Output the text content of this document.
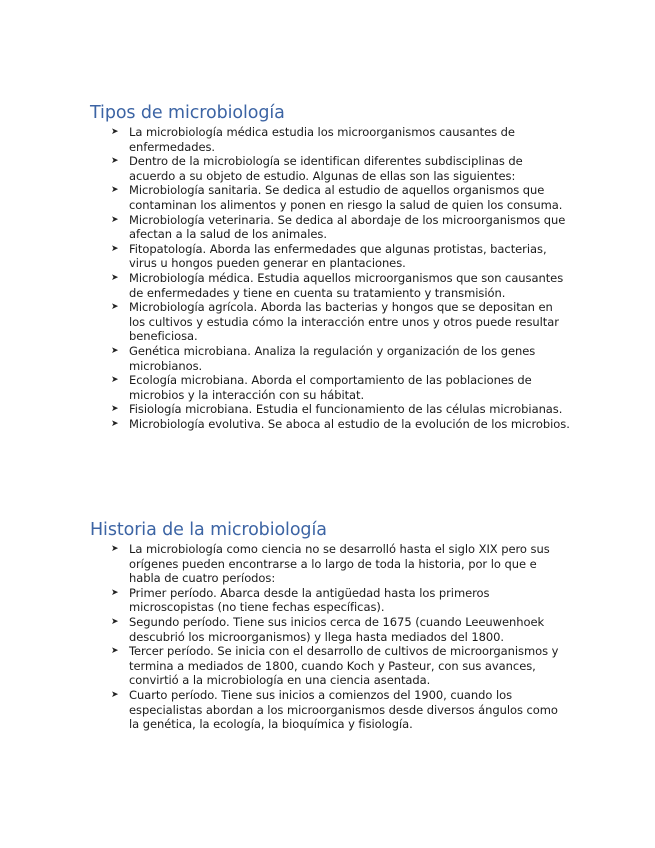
Tipos de microbiología
➤ La microbiología médica estudia los microorganismos causantes de enfermedades.
➤ Dentro de la microbiología se identifican diferentes subdisciplinas de acuerdo a su objeto de estudio. Algunas de ellas son las siguientes:
➤ Microbiología sanitaria. Se dedica al estudio de aquellos organismos que contaminan los alimentos y ponen en riesgo la salud de quien los consuma.
➤ Microbiología veterinaria. Se dedica al abordaje de los microorganismos que afectan a la salud de los animales.
➤ Fitopatología. Aborda las enfermedades que algunas protistas, bacterias, virus u hongos pueden generar en plantaciones.
➤ Microbiología médica. Estudia aquellos microorganismos que son causantes de enfermedades y tiene en cuenta su tratamiento y transmisión.
➤ Microbiología agrícola. Aborda las bacterias y hongos que se depositan en los cultivos y estudia cómo la interacción entre unos y otros puede resultar beneficiosa.
➤ Genética microbiana. Analiza la regulación y organización de los genes microbianos.
➤ Ecología microbiana. Aborda el comportamiento de las poblaciones de microbios y la interacción con su hábitat.
➤ Fisiología microbiana. Estudia el funcionamiento de las células microbianas.
➤ Microbiología evolutiva. Se aboca al estudio de la evolución de los microbios.
Historia de la microbiología
➤ La microbiología como ciencia no se desarrolló hasta el siglo XIX pero sus orígenes pueden encontrarse a lo largo de toda la historia, por lo que e habla de cuatro períodos:
➤ Primer período. Abarca desde la antigüedad hasta los primeros microscopistas (no tiene fechas específicas).
➤ Segundo período. Tiene sus inicios cerca de 1675 (cuando Leeuwenhoek descubrió los microorganismos) y llega hasta mediados del 1800.
➤ Tercer período. Se inicia con el desarrollo de cultivos de microorganismos y termina a mediados de 1800, cuando Koch y Pasteur, con sus avances, convirtió a la microbiología en una ciencia asentada.
➤ Cuarto período. Tiene sus inicios a comienzos del 1900, cuando los especialistas abordan a los microorganismos desde diversos ángulos como la genética, la ecología, la bioquímica y fisiología.
